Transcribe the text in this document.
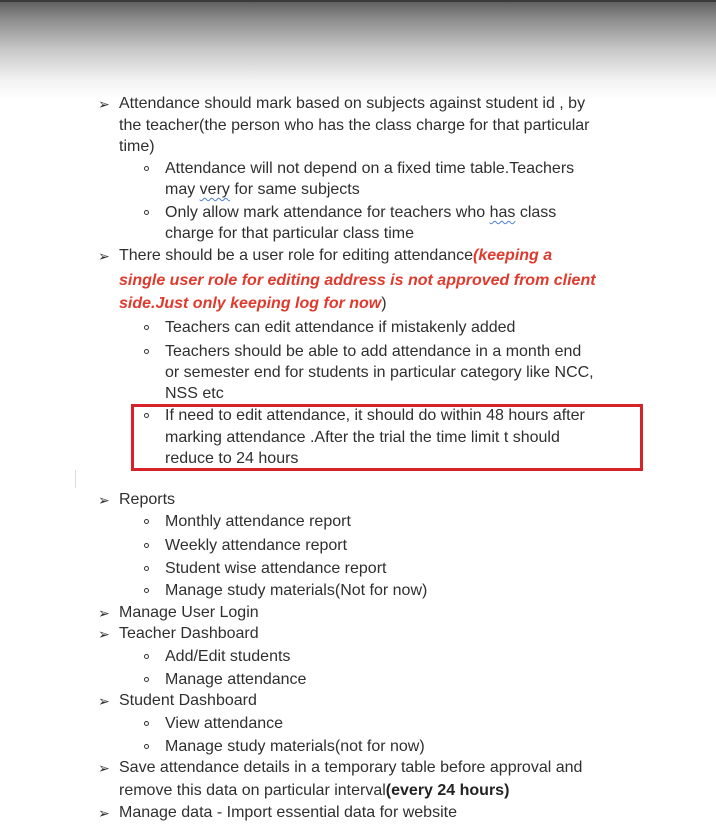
➢ Attendance should mark based on subjects against student id , by
the teacher(the person who has the class charge for that particular
time)
Attendance will not depend on a fixed time table.Teachers
may very for same subjects
Only allow mark attendance for teachers who has class
charge for that particular class time
➢ There should be a user role for editing attendance(keeping a
single user role for editing address is not approved from client
side.Just only keeping log for now)
Teachers can edit attendance if mistakenly added
Teachers should be able to add attendance in a month end
or semester end for students in particular category like NCC,
NSS etc
If need to edit attendance, it should do within 48 hours after
marking attendance .After the trial the time limit t should
reduce to 24 hours
➢ Reports
Monthly attendance report
Weekly attendance report
Student wise attendance report
Manage study materials(Not for now)
➢ Manage User Login
➢ Teacher Dashboard
Add/Edit students
Manage attendance
➢ Student Dashboard
View attendance
Manage study materials(not for now)
➢ Save attendance details in a temporary table before approval and
remove this data on particular interval(every 24 hours)
➢ Manage data - Import essential data for website
